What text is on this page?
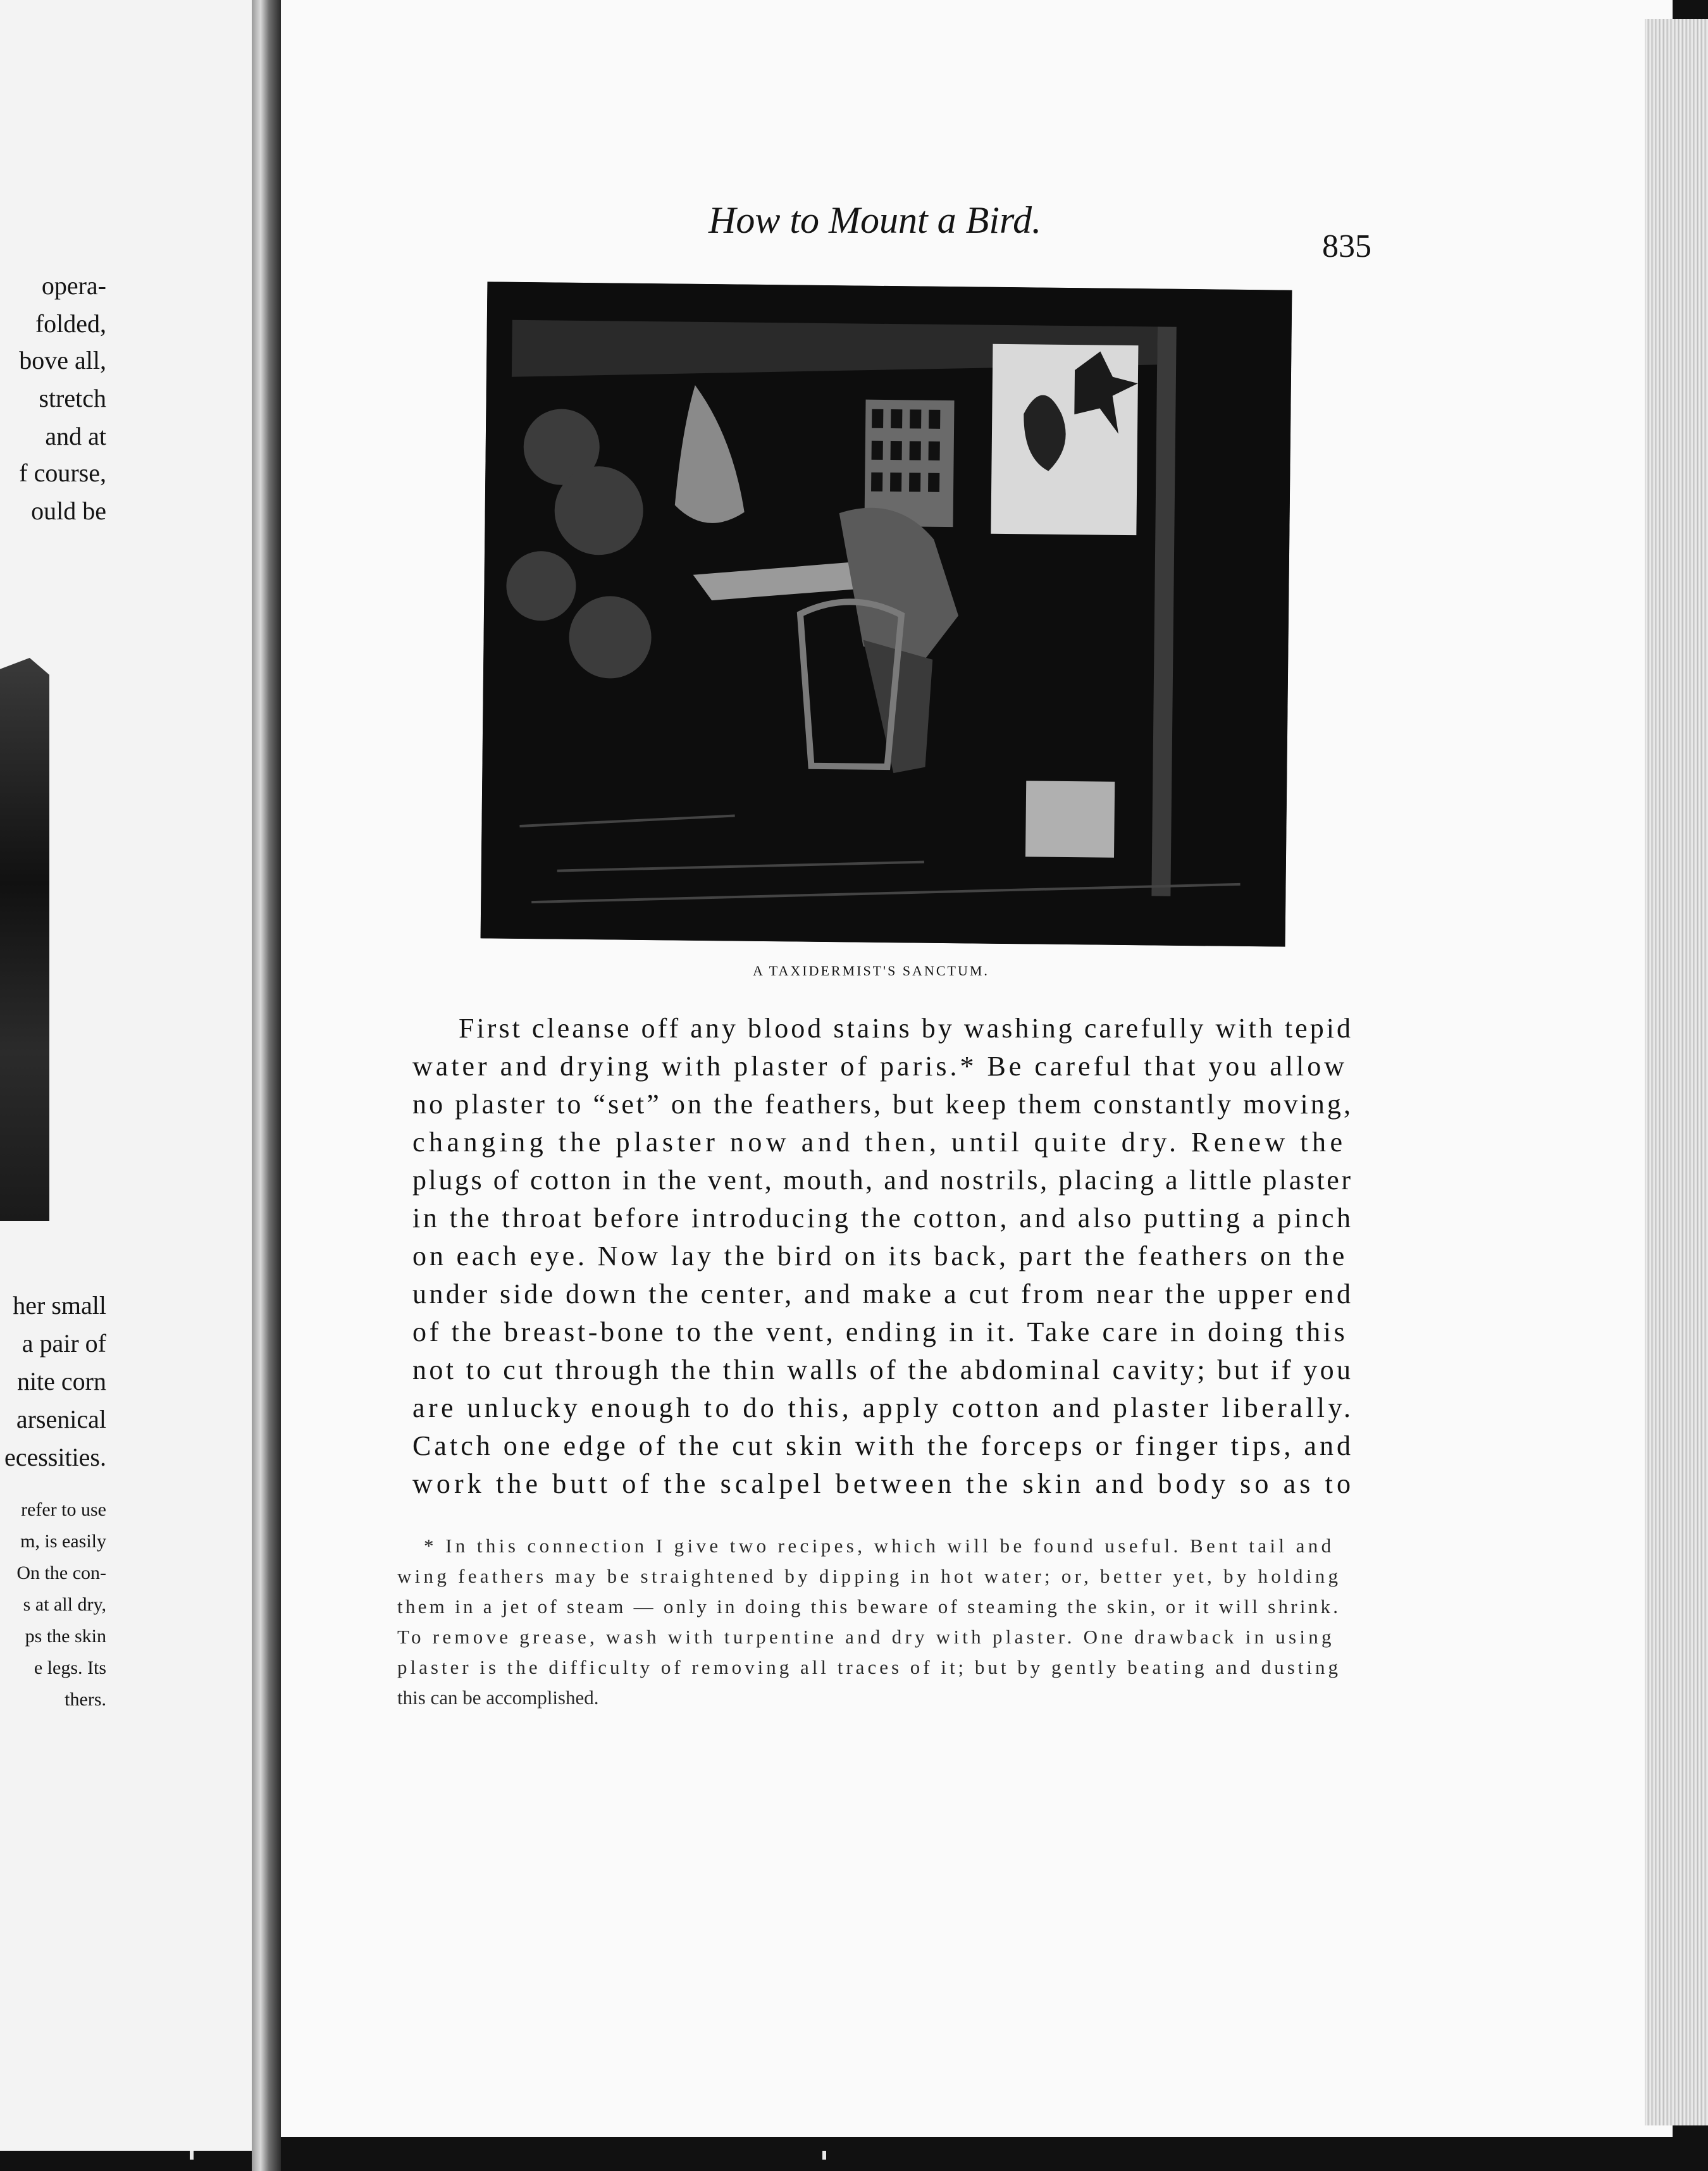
opera-
folded,
bove all,
stretch
and at
f course,
ould be
her small
a pair of
nite corn
arsenical
ecessities.
refer to use
m, is easily
On the con-
s at all dry,
ps the skin
e legs. Its
thers.
How to Mount a Bird.
835
A TAXIDERMIST'S SANCTUM.
First cleanse off any blood stains by washing carefully with tepid
water and drying with plaster of paris.* Be careful that you allow
no plaster to “set” on the feathers, but keep them constantly moving,
changing the plaster now and then, until quite dry. Renew the
plugs of cotton in the vent, mouth, and nostrils, placing a little plaster
in the throat before introducing the cotton, and also putting a pinch
on each eye. Now lay the bird on its back, part the feathers on the
under side down the center, and make a cut from near the upper end
of the breast-bone to the vent, ending in it. Take care in doing this
not to cut through the thin walls of the abdominal cavity; but if you
are unlucky enough to do this, apply cotton and plaster liberally.
Catch one edge of the cut skin with the forceps or finger tips, and
work the butt of the scalpel between the skin and body so as to
* In this connection I give two recipes, which will be found useful. Bent tail and
wing feathers may be straightened by dipping in hot water; or, better yet, by holding
them in a jet of steam — only in doing this beware of steaming the skin, or it will shrink.
To remove grease, wash with turpentine and dry with plaster. One drawback in using
plaster is the difficulty of removing all traces of it; but by gently beating and dusting
this can be accomplished.
